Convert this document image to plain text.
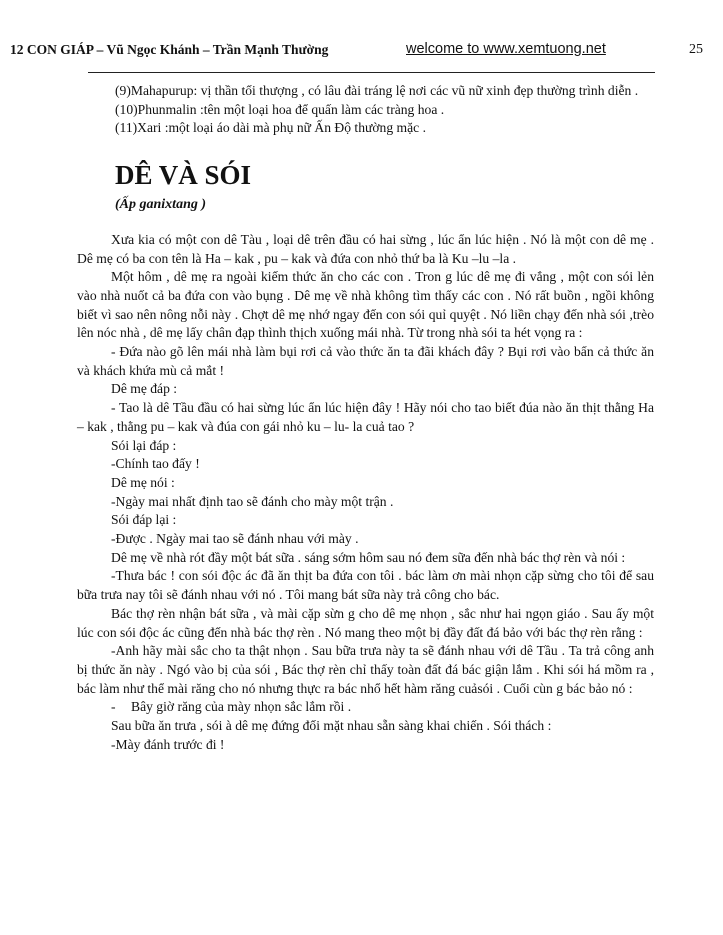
12 CON GIÁP – Vũ Ngọc Khánh – Trần Mạnh Thường	welcome to www.xemtuong.net	25

(9)Mahapurup: vị thần tối thượng , có lâu đài tráng lệ nơi các vũ nữ xinh đẹp thường trình diễn .

(10)Phunmalin :tên một loại hoa để quấn làm các tràng hoa .

(11)Xari :một loại áo dài mà phụ nữ Ấn Độ thường mặc .

DÊ VÀ SÓI
(Ấp ganixtang )

Xưa kia có một con dê Tàu , loại dê trên đầu có hai sừng , lúc ẩn lúc hiện . Nó là một con dê mẹ . Dê mẹ có ba con tên là Ha – kak , pu – kak và đứa con nhỏ thứ ba là Ku –lu –la .

Một hôm , dê mẹ ra ngoài kiếm thức ăn cho các con . Tron g lúc dê mẹ đi vắng , một con sói lẻn vào nhà nuốt cả ba đứa con vào bụng . Dê mẹ về nhà không tìm thấy các con . Nó rất buồn , ngồi không biết vì sao nên nông nỗi này . Chợt dê mẹ nhớ ngay đến con sói quỉ quyệt . Nó liền chạy đến nhà sói ,trèo lên nóc nhà , dê mẹ lấy chân đạp thình thịch xuống mái nhà. Từ trong nhà sói ta hét vọng ra :

- Đứa nào gõ lên mái nhà làm bụi rơi cả vào thức ăn ta đãi khách đây ? Bụi rơi vào bẩn cả thức ăn và khách khứa mù cả mắt !

Dê mẹ đáp :

- Tao là dê Tầu đầu có hai sừng lúc ẩn lúc hiện đây ! Hãy nói cho tao biết đúa nào ăn thịt thằng Ha – kak , thằng pu – kak và đúa con gái nhỏ ku – lu- la cuả tao ?

Sói lại đáp :

-Chính tao đấy !

Dê mẹ nói :

-Ngày mai nhất định tao sẽ đánh cho mày một trận .

Sói đáp lại :

-Được . Ngày mai tao sẽ đánh nhau với mày .

Dê mẹ về nhà rót đầy một bát sữa . sáng sớm hôm sau nó đem sữa đến nhà bác thợ rèn và nói :

-Thưa bác ! con sói độc ác đã ăn thịt ba đứa con tôi . bác làm ơn mài nhọn cặp sừng cho tôi để sau bữa trưa nay tôi sẽ đánh nhau với nó . Tôi mang bát sữa này trả công cho bác.

Bác thợ rèn nhận bát sữa , và mài cặp sừn g cho dê mẹ nhọn , sắc như hai ngọn giáo . Sau ấy một lúc con sói độc ác cũng đến nhà bác thợ rèn . Nó mang theo một bị đầy đất đá bảo với bác thợ rèn rằng :

-Anh hãy mài sắc cho ta thật nhọn . Sau bữa trưa này ta sẽ đánh nhau với dê Tầu . Ta trả công anh bị thức ăn này . Ngó vào bị của sói , Bác thợ rèn chỉ thấy toàn đất đá bác giận lắm . Khi sói há mồm ra , bác làm như thể mài răng cho nó nhưng thực ra bác nhổ hết hàm răng cuảsói . Cuối cùn g bác bảo nó :

- Bây giờ răng của mày nhọn sắc lắm rồi .

Sau bữa ăn trưa , sói à dê mẹ đứng đối mặt nhau sẵn sàng khai chiến . Sói thách :

-Mày đánh trước đi !
